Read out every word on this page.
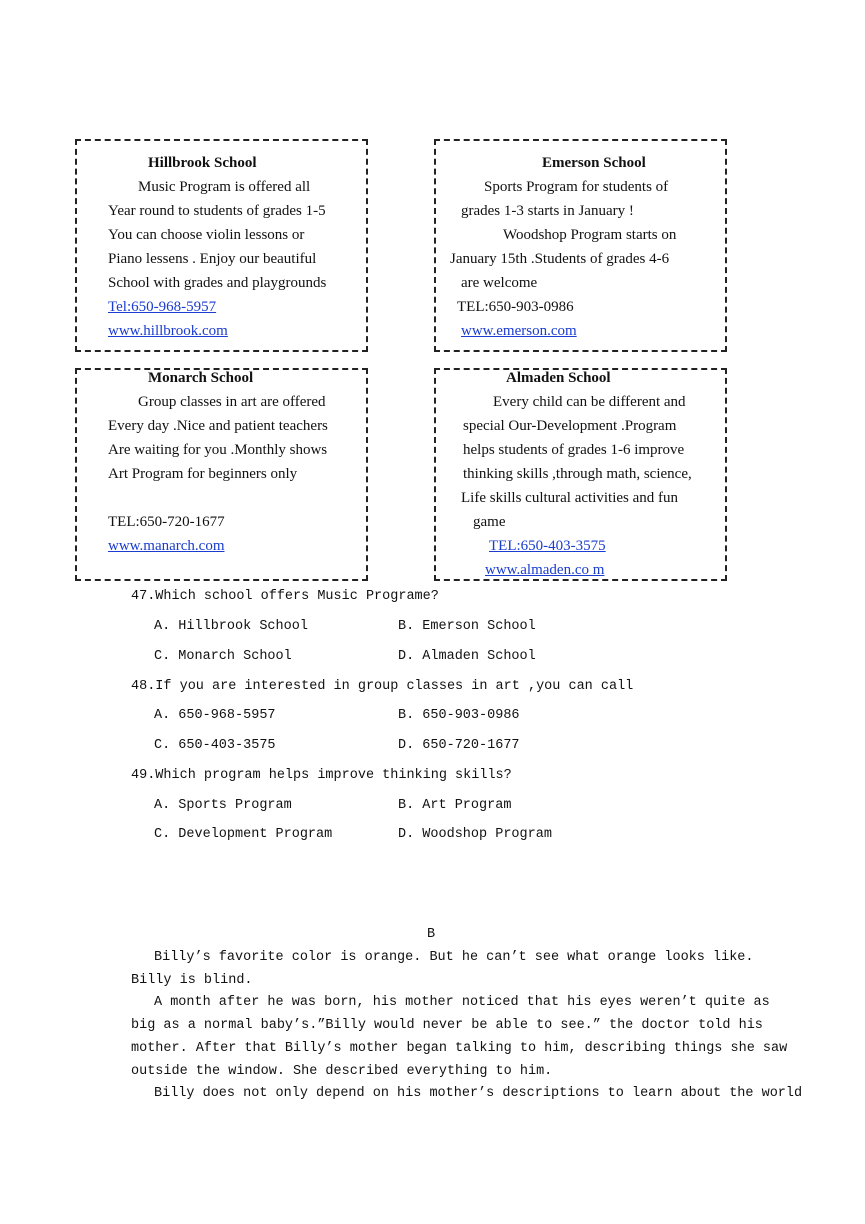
Hillbrook School
Music Program is offered all
Year round to students of grades 1-5
You can choose violin lessons or
Piano lessens . Enjoy our beautiful
School with grades and playgrounds
Tel:650-968-5957
www.hillbrook.com
Emerson School
Sports Program for students of
grades 1-3 starts in January !
Woodshop Program starts on
January 15th .Students of grades 4-6
are welcome
TEL:650-903-0986
www.emerson.com
Monarch School
Group classes in art are offered
Every day .Nice and patient teachers
Are waiting for you .Monthly shows
Art Program for beginners only
TEL:650-720-1677
www.manarch.com
Almaden School
Every child can be different and
special Our-Development .Program
helps students of grades 1-6 improve
thinking skills ,through math, science,
Life skills cultural activities and fun
game
TEL:650-403-3575
www.almaden.co m
47.Which school offers Music Programe?
A. Hillbrook School	B. Emerson School
C. Monarch School	D. Almaden School
48.If you are interested in group classes in art ,you can call
A. 650-968-5957	B. 650-903-0986
C. 650-403-3575	D. 650-720-1677
49.Which program helps improve thinking skills?
A. Sports Program	B. Art Program
C. Development Program	D. Woodshop Program
B
Billy’s favorite color is orange. But he can’t see what orange looks like.
Billy is blind.
A month after he was born, his mother noticed that his eyes weren’t quite as
big as a normal baby’s.”Billy would never be able to see.” the doctor told his
mother. After that Billy’s mother began talking to him, describing things she saw
outside the window. She described everything to him.
Billy does not only depend on his mother’s descriptions to learn about the world
